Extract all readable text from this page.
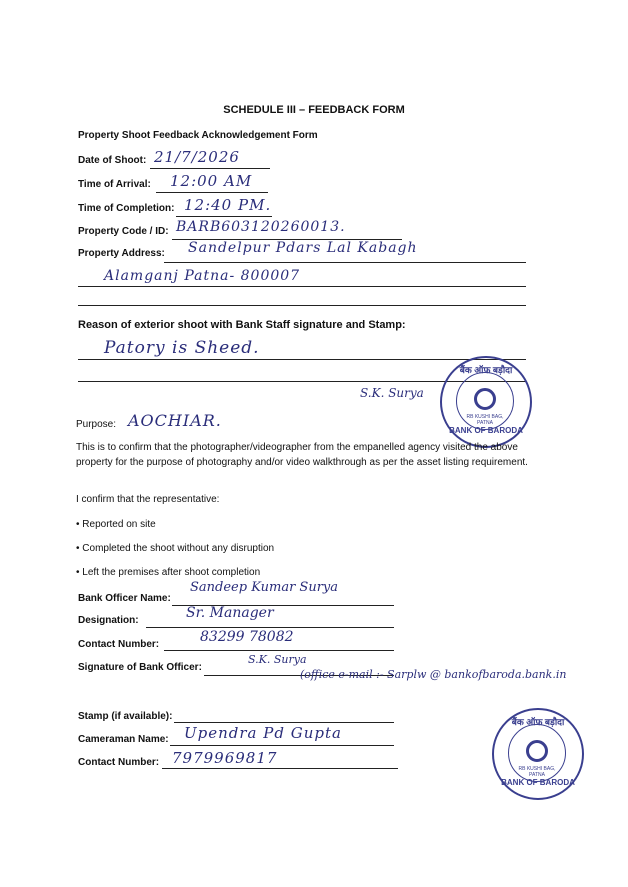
SCHEDULE III – FEEDBACK FORM
Property Shoot Feedback Acknowledgement Form
Date of Shoot: 21/7/2026
Time of Arrival: 12:00 AM
Time of Completion: 12:40 PM.
Property Code / ID: BARB603120260013.
Property Address: Sandelpur Pdars Lal Kabagh
Alamganj Patna- 800007
Reason of exterior shoot with Bank Staff signature and Stamp:
Patory is Sheed.
S.K. Surya
बैंक ऑफ बड़ौदा
RB KUSHI BAG, PATNA
BANK OF BARODA
Purpose: AOCHIAR.
This is to confirm that the photographer/videographer from the empanelled agency visited the above property for the purpose of photography and/or video walkthrough as per the asset listing requirement.
I confirm that the representative:
• Reported on site
• Completed the shoot without any disruption
• Left the premises after shoot completion
Bank Officer Name:
Sandeep Kumar Surya
Designation:	Sr. Manager
Contact Number:	83299 78082
Signature of Bank Officer:
S.K. Surya
(office e-mail :- Sarplw @ bankofbaroda.bank.in
Stamp (if available):
Cameraman Name: Upendra Pd Gupta
Contact Number: 7979969817
बैंक ऑफ बड़ौदा
RB KUSHI BAG, PATNA
BANK OF BARODA
